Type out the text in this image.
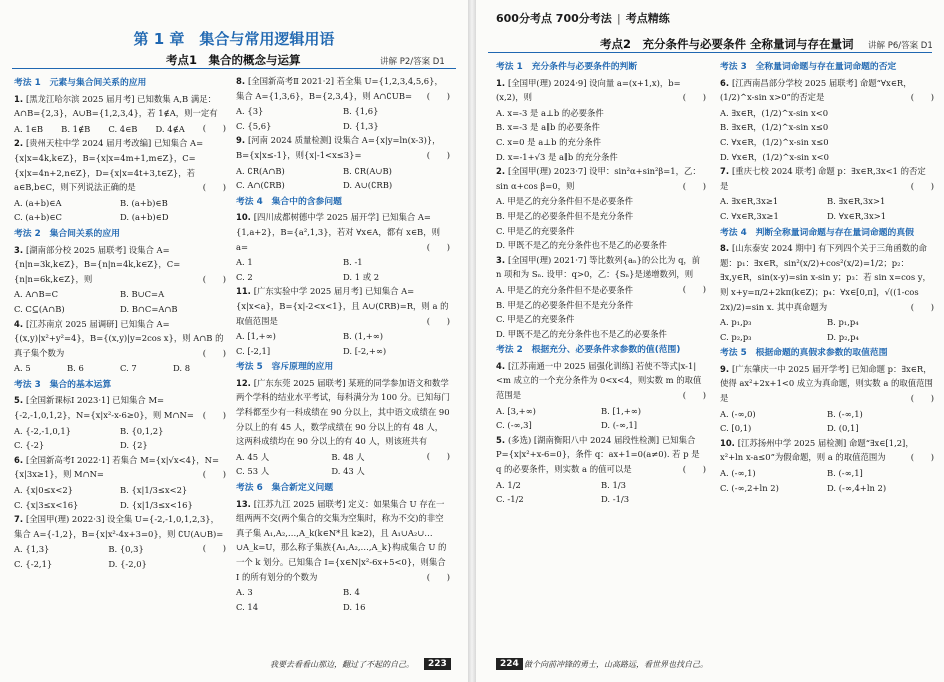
第 1 章　集合与常用逻辑用语
考点1　集合的概念与运算	讲解 P2/答案 D1
考法 1　元素与集合间关系的应用
1. [黑龙江哈尔滨 2025 届月考] 已知数集 A,B 满足：A∩B={2,3}，A∪B={1,2,3,4}，若 1∉A，则一定有
(　　)
A. 1∈B	B. 1∉B	C. 4∈B	D. 4∉A
2. [贵州天柱中学 2024 届月考改编] 已知集合 A={x|x=4k,k∈Z}，B={x|x=4m+1,m∈Z}，C={x|x=4n+2,n∈Z}，D={x|x=4t+3,t∈Z}，若 a∈B,b∈C，则下列说法正确的是	(　　)
A. (a+b)∈A	B. (a+b)∈B
C. (a+b)∈C	D. (a+b)∈D
考法 2　集合间关系的应用
3. [湖南部分校 2025 届联考] 设集合 A={n|n=3k,k∈Z}，B={n|n=4k,k∈Z}，C={n|n=6k,k∈Z}，则	(　　)
A. A∩B=C	B. B∪C=A
C. C⊆(A∩B)	D. B∩C=A∩B
4. [江苏南京 2025 届调研] 已知集合 A={(x,y)|x²+y²=4}，B={(x,y)|y=2cos x}，则 A∩B 的真子集个数为	(　　)
A. 5	B. 6	C. 7	D. 8
考法 3　集合的基本运算
5. [全国新课标Ⅰ 2023·1] 已知集合 M={-2,-1,0,1,2}，N={x|x²-x-6≥0}，则 M∩N= (　　)
A. {-2,-1,0,1}	B. {0,1,2}
C. {-2}	D. {2}
6. [全国新高考Ⅰ 2022·1] 若集合 M={x|√x<4}，N={x|3x≥1}，则 M∩N=	(　　)
A. {x|0≤x<2}	B. {x|1/3≤x<2}
C. {x|3≤x<16}	D. {x|1/3≤x<16}
7. [全国甲(理) 2022·3] 设全集 U={-2,-1,0,1,2,3}，集合 A={-1,2}，B={x|x²-4x+3=0}，则 ∁U(A∪B)=
(　　)
A. {1,3}	B. {0,3}
C. {-2,1}	D. {-2,0}
8. [全国新高考Ⅱ 2021·2] 若全集 U={1,2,3,4,5,6}，集合 A={1,3,6}，B={2,3,4}，则 A∩∁UB= (　　)
A. {3}	B. {1,6}
C. {5,6}	D. {1,3}
9. [河南 2024 质量检测] 设集合 A={x|y=ln(x-3)}，B={x|x≤-1}，则{x|-1<x≤3}=	(　　)
A. ∁R(A∩B)	B. ∁R(A∪B)
C. A∩(∁RB)	D. A∪(∁RB)
考法 4　集合中的含参问题
10. [四川成都树德中学 2025 届开学] 已知集合 A={1,a+2}，B={a²,1,3}，若对 ∀x∈A，都有 x∈B，则 a=	(　　)
A. 1	B. -1
C. 2	D. 1 或 2
11. [广东实验中学 2025 届月考] 已知集合 A={x|x<a}，B={x|-2<x<1}，且 A∪(∁RB)=R，则 a 的取值范围是	(　　)
A. [1,+∞)	B. (1,+∞)
C. [-2,1]	D. [-2,+∞)
考法 5　容斥原理的应用
12. [广东东莞 2025 届联考] 某班的同学参加语文和数学两个学科的结业水平考试，每科满分为 100 分。已知每门学科都至少有一科成绩在 90 分以上，其中语文成绩在 90 分以上的有 45 人，数学成绩在 90 分以上的有 48 人，这两科成绩均在 90 分以上的有 40 人，则该班共有
(　　)
A. 45 人	B. 48 人
C. 53 人	D. 43 人
考法 6　集合新定义问题
13. [江苏九江 2025 届联考] 定义：如果集合 U 存在一组两两不交(两个集合的交集为空集时，称为不交)的非空真子集 A₁,A₂,…,A_k(k∈N*且 k≥2)，且 A₁∪A₂∪…∪A_k=U，那么称子集族{A₁,A₂,…,A_k}构成集合 U 的一个 k 划分。已知集合 I={x∈N|x²-6x+5<0}，则集合 I 的所有划分的个数为	(　　)
A. 3	B. 4
C. 14	D. 16
我要去看看山那边，翻过了不起的自己。	223
600分考点 700分考法 | 考点精练
考点2　充分条件与必要条件 全称量词与存在量词 讲解 P6/答案 D1
考法 1　充分条件与必要条件的判断
1. [全国甲(理) 2024·9] 设向量 a=(x+1,x)，b=(x,2)，则	(　　)
A. x=-3 是 a⊥b 的必要条件
B. x=-3 是 a∥b 的必要条件
C. x=0 是 a⊥b 的充分条件
D. x=-1+√3 是 a∥b 的充分条件
2. [全国甲(理) 2023·7] 设甲：sin²α+sin²β=1，乙：sin α+cos β=0，则	(　　)
A. 甲是乙的充分条件但不是必要条件
B. 甲是乙的必要条件但不是充分条件
C. 甲是乙的充要条件
D. 甲既不是乙的充分条件也不是乙的必要条件
3. [全国甲(理) 2021·7] 等比数列{aₙ}的公比为 q，前 n 项和为 Sₙ. 设甲：q>0，乙：{Sₙ}是递增数列，则
(　　)
A. 甲是乙的充分条件但不是必要条件
B. 甲是乙的必要条件但不是充分条件
C. 甲是乙的充要条件
D. 甲既不是乙的充分条件也不是乙的必要条件
考法 2　根据充分、必要条件求参数的值(范围)
4. [江苏南通一中 2025 届强化训练] 若使不等式|x-1|<m 成立的一个充分条件为 0<x<4，则实数 m 的取值范围是	(　　)
A. [3,+∞)	B. [1,+∞)
C. (-∞,3]	D. (-∞,1]
5. (多选) [湖南衡阳八中 2024 届段性检测] 已知集合 P={x|x²+x-6=0}，条件 q：ax+1=0(a≠0). 若 p 是 q 的必要条件，则实数 a 的值可以是	(　　)
A. 1/2	B. 1/3
C. -1/2	D. -1/3
考法 3　全称量词命题与存在量词命题的否定
6. [江西南昌部分学校 2025 届联考] 命题“∀x∈R，(1/2)^x-sin x>0”的否定是	(　　)
A. ∃x∈R，(1/2)^x-sin x<0
B. ∃x∈R，(1/2)^x-sin x≤0
C. ∀x∈R，(1/2)^x-sin x≤0
D. ∀x∈R，(1/2)^x-sin x<0
7. [重庆七校 2024 联考] 命题 p：∃x∈R,3x<1 的否定是	(　　)
A. ∃x∈R,3x≥1	B. ∃x∈R,3x>1
C. ∀x∈R,3x≥1	D. ∀x∈R,3x>1
考法 4　判断全称量词命题与存在量词命题的真假
8. [山东泰安 2024 期中] 有下列四个关于三角函数的命题：p₁：∃x∈R，sin²(x/2)+cos²(x/2)=1/2；p₂：∃x,y∈R，sin(x-y)=sin x-sin y；p₃：若 sin x=cos y，则 x+y=π/2+2kπ(k∈Z)；p₄：∀x∈[0,π]，√((1-cos 2x)/2)=sin x. 其中真命题为	(　　)
A. p₁,p₃	B. p₁,p₄
C. p₂,p₃	D. p₂,p₄
考法 5　根据命题的真假求参数的取值范围
9. [广东肇庆一中 2025 届开学考] 已知命题 p：∃x∈R，使得 ax²+2x+1<0 成立为真命题，则实数 a 的取值范围是	(　　)
A. (-∞,0)	B. (-∞,1)
C. [0,1)	D. (0,1]
10. [江苏扬州中学 2025 届检测] 命题“∃x∈[1,2]，x²+ln x-a≤0”为假命题，则 a 的取值范围为	(　　)
A. (-∞,1)	B. (-∞,1]
C. (-∞,2+ln 2)	D. (-∞,4+ln 2)
224 做个向前冲锋的勇士，山高路远，看世界也找自己。
